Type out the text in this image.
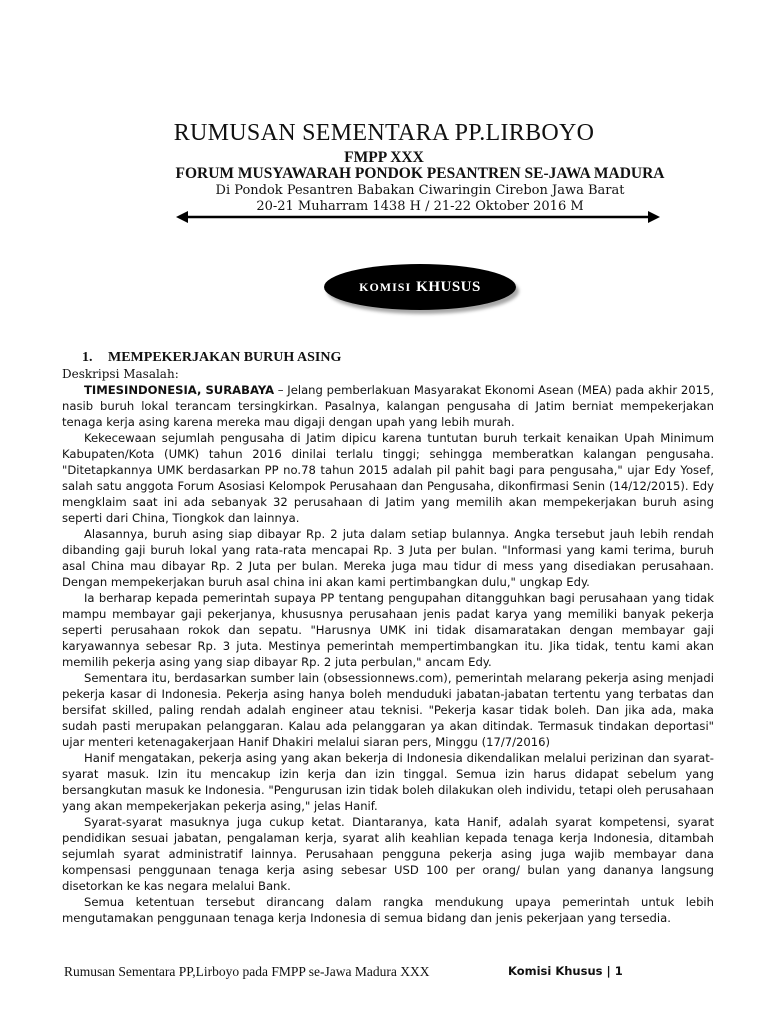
RUMUSAN SEMENTARA PP.LIRBOYO
FMPP XXX
FORUM MUSYAWARAH PONDOK PESANTREN SE-JAWA MADURA
Di Pondok Pesantren Babakan Ciwaringin Cirebon Jawa Barat
20-21 Muharram 1438 H / 21-22 Oktober 2016 M
KOMISI KHUSUS

1. MEMPEKERJAKAN BURUH ASING

Deskripsi Masalah:

TIMESINDONESIA, SURABAYA – Jelang pemberlakuan Masyarakat Ekonomi Asean (MEA) pada akhir 2015, nasib buruh lokal terancam tersingkirkan. Pasalnya, kalangan pengusaha di Jatim berniat mempekerjakan tenaga kerja asing karena mereka mau digaji dengan upah yang lebih murah.

Kekecewaan sejumlah pengusaha di Jatim dipicu karena tuntutan buruh terkait kenaikan Upah Minimum Kabupaten/Kota (UMK) tahun 2016 dinilai terlalu tinggi; sehingga memberatkan kalangan pengusaha. "Ditetapkannya UMK berdasarkan PP no.78 tahun 2015 adalah pil pahit bagi para pengusaha," ujar Edy Yosef, salah satu anggota Forum Asosiasi Kelompok Perusahaan dan Pengusaha, dikonfirmasi Senin (14/12/2015). Edy mengklaim saat ini ada sebanyak 32 perusahaan di Jatim yang memilih akan mempekerjakan buruh asing seperti dari China, Tiongkok dan lainnya.

Alasannya, buruh asing siap dibayar Rp. 2 juta dalam setiap bulannya. Angka tersebut jauh lebih rendah dibanding gaji buruh lokal yang rata-rata mencapai Rp. 3 Juta per bulan. "Informasi yang kami terima, buruh asal China mau dibayar Rp. 2 Juta per bulan. Mereka juga mau tidur di mess yang disediakan perusahaan. Dengan mempekerjakan buruh asal china ini akan kami pertimbangkan dulu," ungkap Edy.

Ia berharap kepada pemerintah supaya PP tentang pengupahan ditangguhkan bagi perusahaan yang tidak mampu membayar gaji pekerjanya, khususnya perusahaan jenis padat karya yang memiliki banyak pekerja seperti perusahaan rokok dan sepatu. "Harusnya UMK ini tidak disamaratakan dengan membayar gaji karyawannya sebesar Rp. 3 juta. Mestinya pemerintah mempertimbangkan itu. Jika tidak, tentu kami akan memilih pekerja asing yang siap dibayar Rp. 2 juta perbulan," ancam Edy.

Sementara itu, berdasarkan sumber lain (obsessionnews.com), pemerintah melarang pekerja asing menjadi pekerja kasar di Indonesia. Pekerja asing hanya boleh menduduki jabatan-jabatan tertentu yang terbatas dan bersifat skilled, paling rendah adalah engineer atau teknisi. "Pekerja kasar tidak boleh. Dan jika ada, maka sudah pasti merupakan pelanggaran. Kalau ada pelanggaran ya akan ditindak. Termasuk tindakan deportasi" ujar menteri ketenagakerjaan Hanif Dhakiri melalui siaran pers, Minggu (17/7/2016)

Hanif mengatakan, pekerja asing yang akan bekerja di Indonesia dikendalikan melalui perizinan dan syarat-syarat masuk. Izin itu mencakup izin kerja dan izin tinggal. Semua izin harus didapat sebelum yang bersangkutan masuk ke Indonesia. "Pengurusan izin tidak boleh dilakukan oleh individu, tetapi oleh perusahaan yang akan mempekerjakan pekerja asing," jelas Hanif.

Syarat-syarat masuknya juga cukup ketat. Diantaranya, kata Hanif, adalah syarat kompetensi, syarat pendidikan sesuai jabatan, pengalaman kerja, syarat alih keahlian kepada tenaga kerja Indonesia, ditambah sejumlah syarat administratif lainnya. Perusahaan pengguna pekerja asing juga wajib membayar dana kompensasi penggunaan tenaga kerja asing sebesar USD 100 per orang/ bulan yang dananya langsung disetorkan ke kas negara melalui Bank.

Semua ketentuan tersebut dirancang dalam rangka mendukung upaya pemerintah untuk lebih mengutamakan penggunaan tenaga kerja Indonesia di semua bidang dan jenis pekerjaan yang tersedia.

Rumusan Sementara PP,Lirboyo pada FMPP se-Jawa Madura XXX	Komisi Khusus | 1
